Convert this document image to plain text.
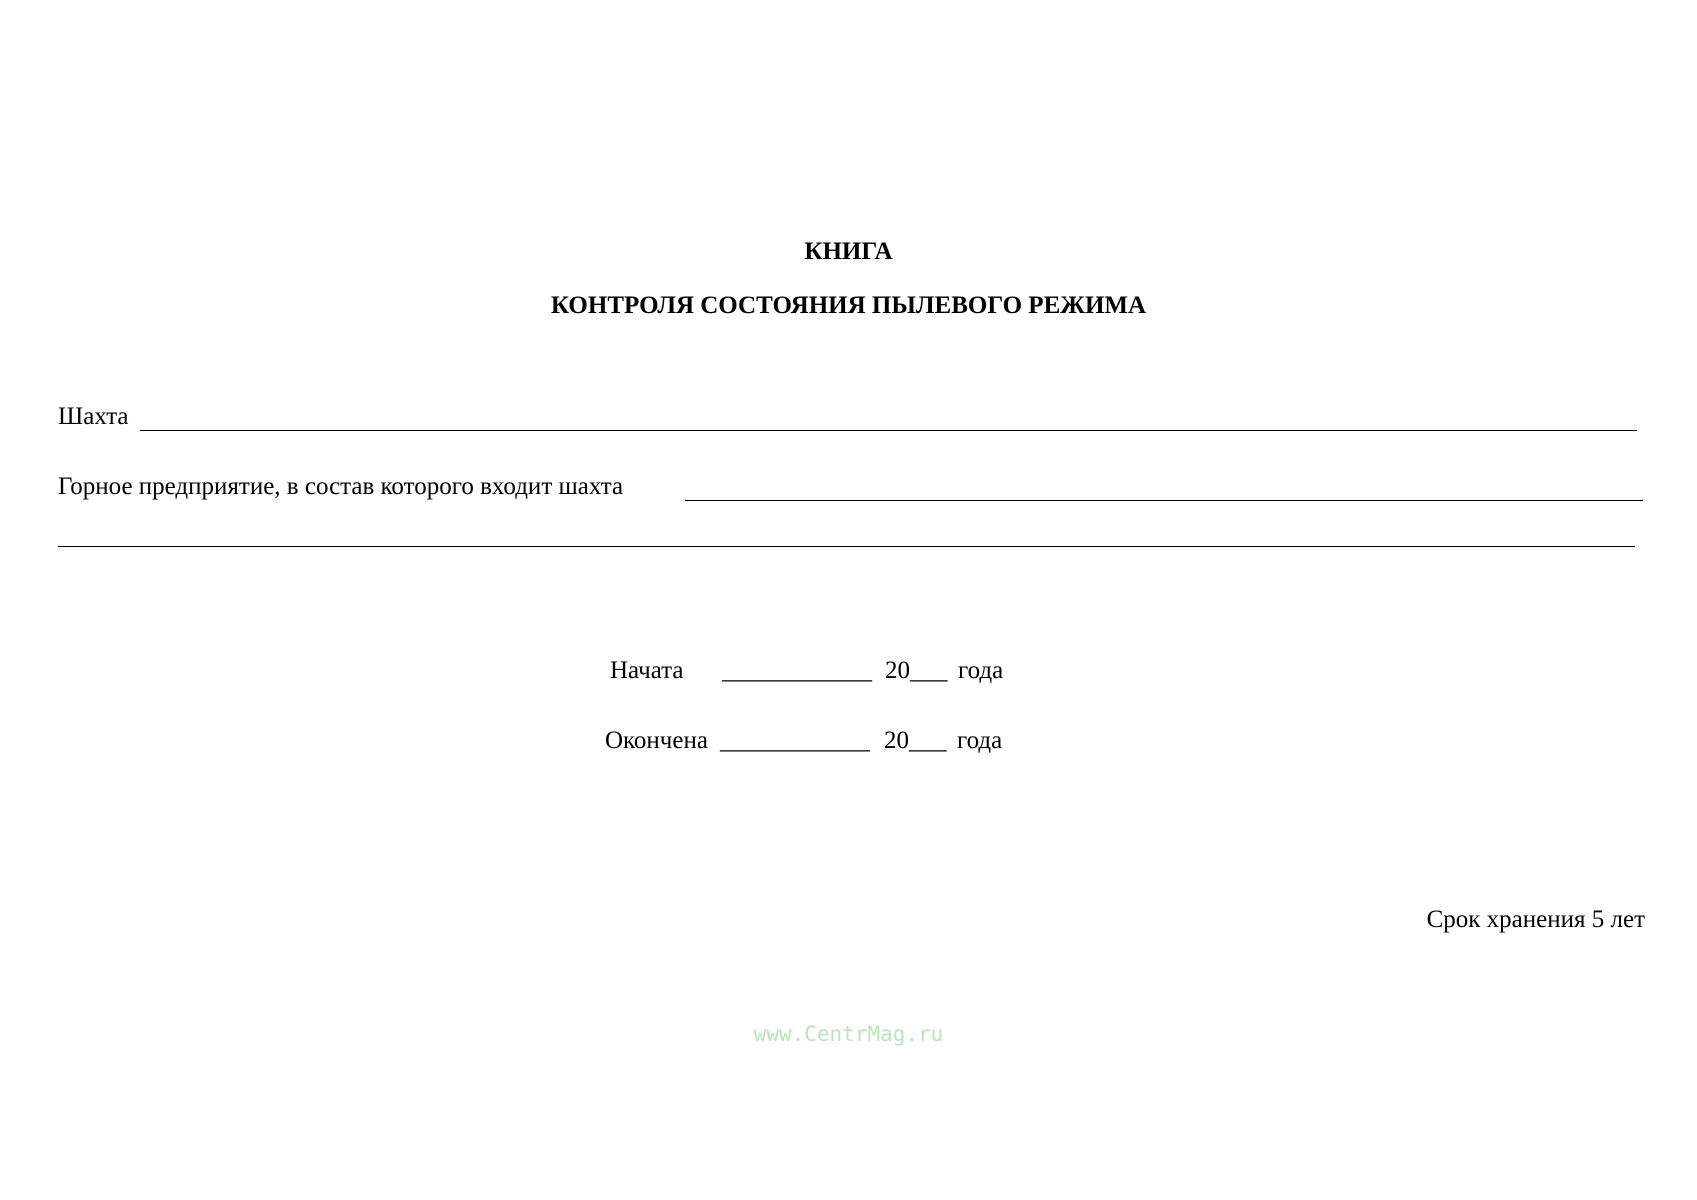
КНИГА
КОНТРОЛЯ СОСТОЯНИЯ ПЫЛЕВОГО РЕЖИМА
Шахта
Горное предприятие, в состав которого входит шахта
Начата ____________ 20___ года
Окончена ____________ 20___ года
Срок хранения 5 лет
www.CentrMag.ru
